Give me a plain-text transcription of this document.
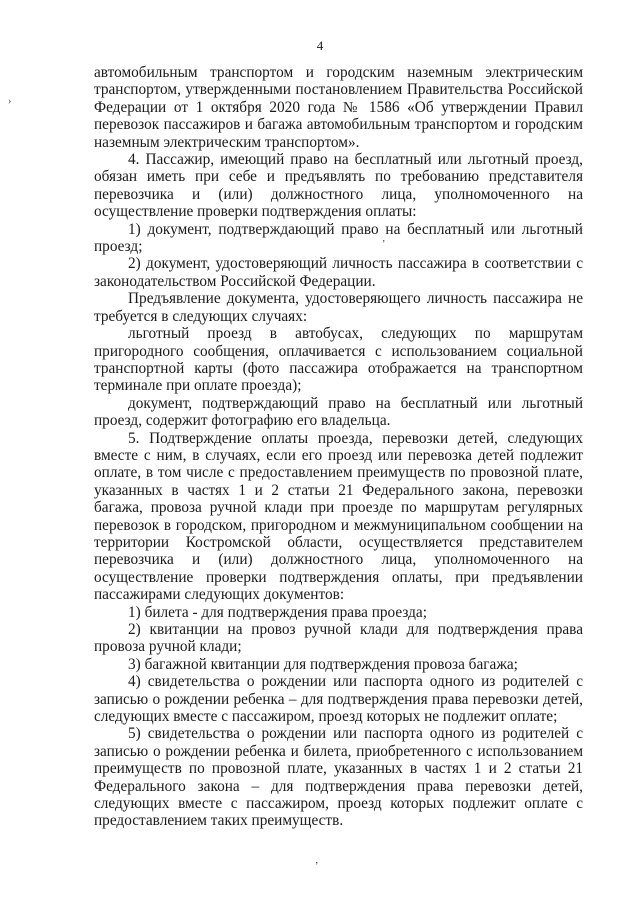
4
›
’
’

автомобильным транспортом и городским наземным электрическим транспортом, утвержденными постановлением Правительства Российской Федерации от 1 октября 2020 года № 1586 «Об утверждении Правил перевозок пассажиров и багажа автомобильным транспортом и городским наземным электрическим транспортом».

4. Пассажир, имеющий право на бесплатный или льготный проезд, обязан иметь при себе и предъявлять по требованию представителя перевозчика и (или) должностного лица, уполномоченного на осуществление проверки подтверждения оплаты:

1) документ, подтверждающий право на бесплатный или льготный проезд;

2) документ, удостоверяющий личность пассажира в соответствии с законодательством Российской Федерации.

Предъявление документа, удостоверяющего личность пассажира не требуется в следующих случаях:

льготный проезд в автобусах, следующих по маршрутам пригородного сообщения, оплачивается с использованием социальной транспортной карты (фото пассажира отображается на транспортном терминале при оплате проезда);

документ, подтверждающий право на бесплатный или льготный проезд, содержит фотографию его владельца.

5. Подтверждение оплаты проезда, перевозки детей, следующих вместе с ним, в случаях, если его проезд или перевозка детей подлежит оплате, в том числе с предоставлением преимуществ по провозной плате, указанных в частях 1 и 2 статьи 21 Федерального закона, перевозки багажа, провоза ручной клади при проезде по маршрутам регулярных перевозок в городском, пригородном и межмуниципальном сообщении на территории Костромской области, осуществляется представителем перевозчика и (или) должностного лица, уполномоченного на осуществление проверки подтверждения оплаты, при предъявлении пассажирами следующих документов:

1) билета - для подтверждения права проезда;

2) квитанции на провоз ручной клади для подтверждения права провоза ручной клади;

3) багажной квитанции для подтверждения провоза багажа;

4) свидетельства о рождении или паспорта одного из родителей с записью о рождении ребенка – для подтверждения права перевозки детей, следующих вместе с пассажиром, проезд которых не подлежит оплате;

5) свидетельства о рождении или паспорта одного из родителей с записью о рождении ребенка и билета, приобретенного с использованием преимуществ по провозной плате, указанных в частях 1 и 2 статьи 21 Федерального закона – для подтверждения права перевозки детей, следующих вместе с пассажиром, проезд которых подлежит оплате с предоставлением таких преимуществ.
